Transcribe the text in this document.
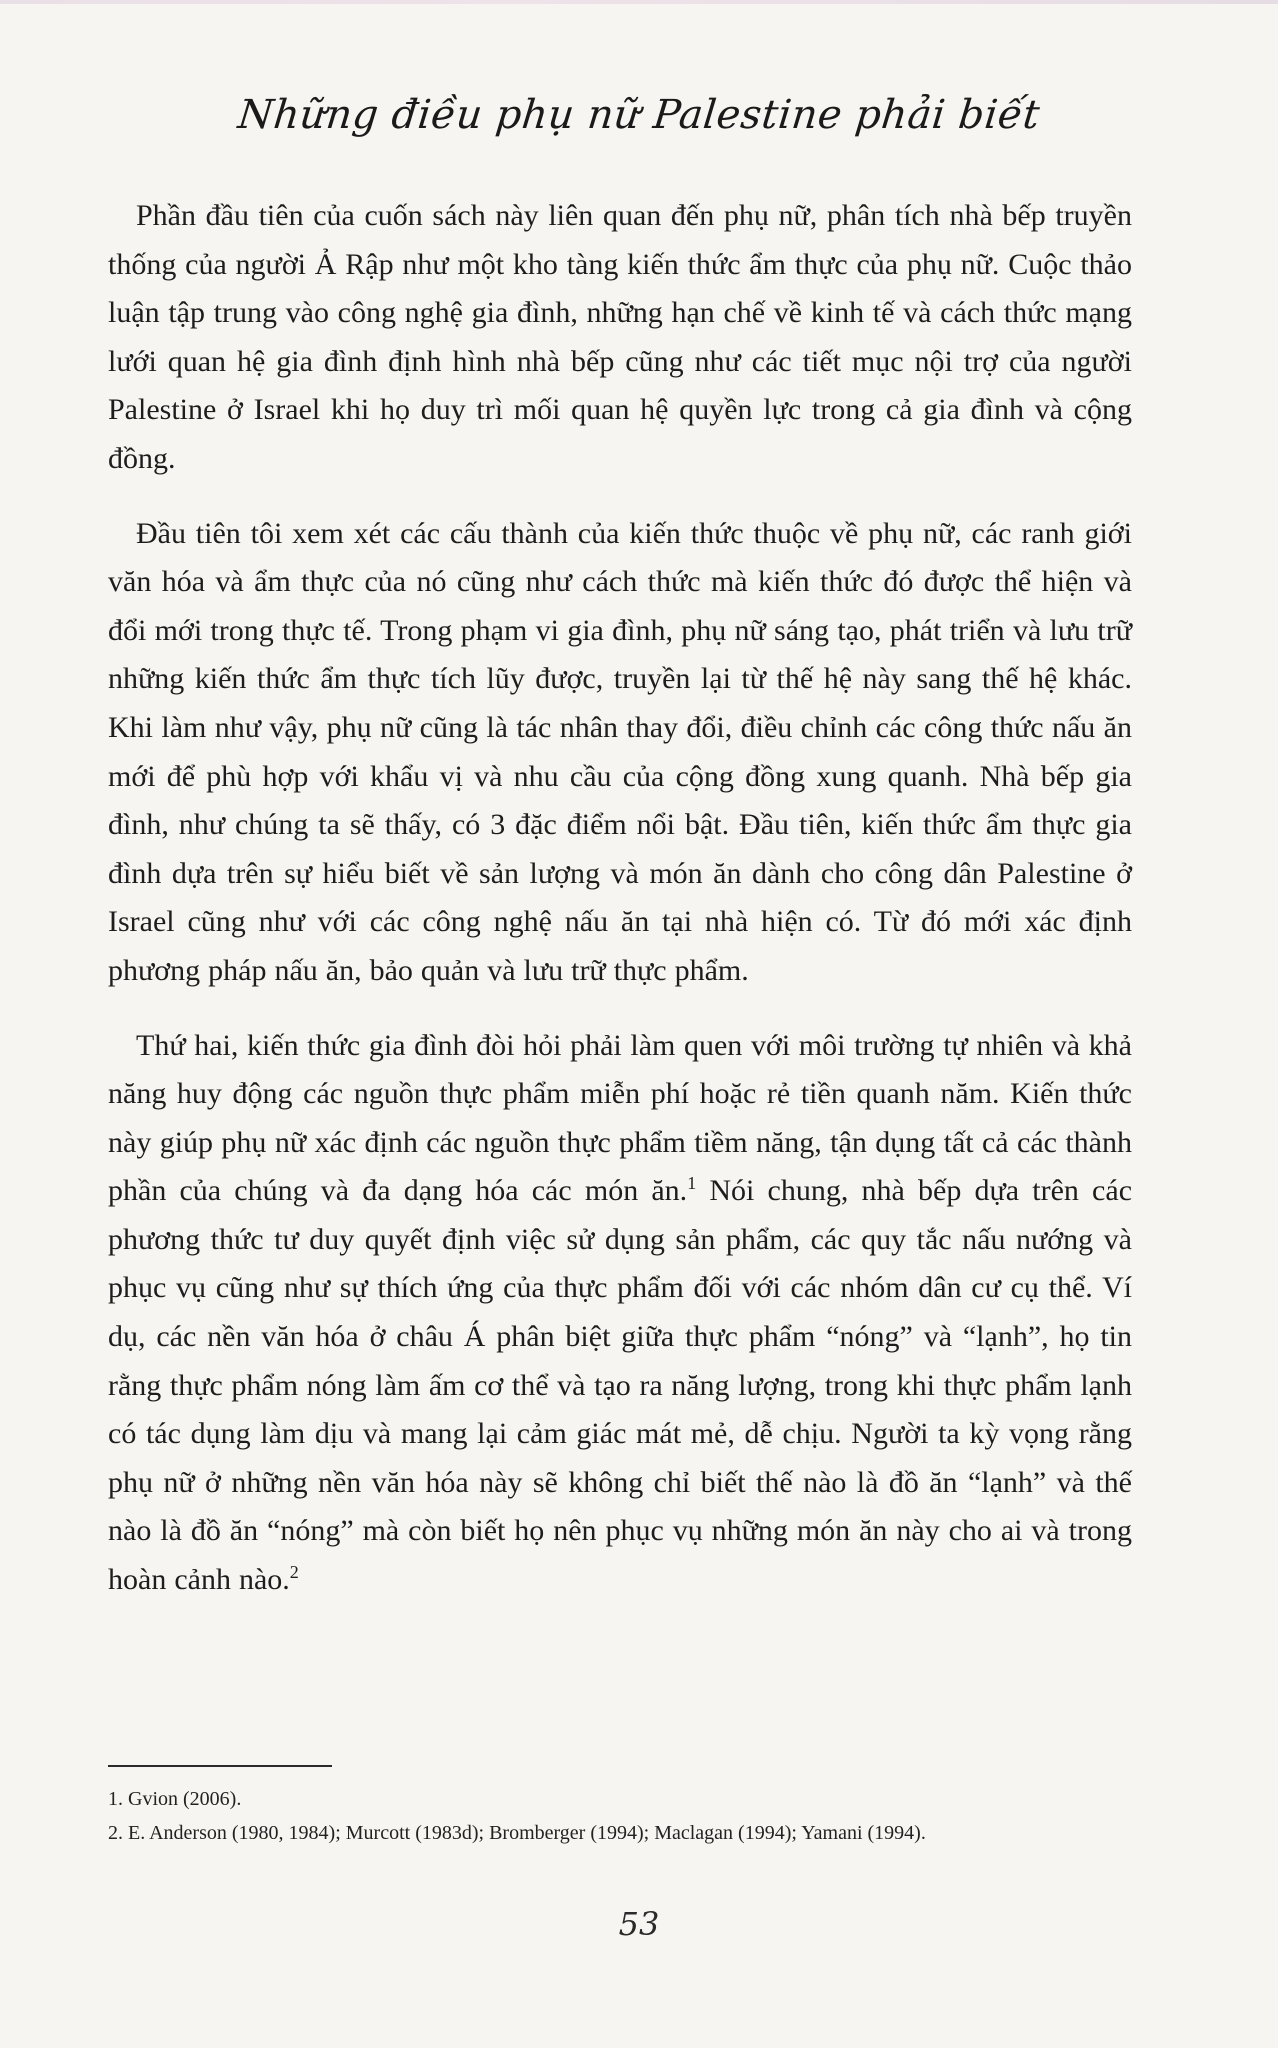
Những điều phụ nữ Palestine phải biết

Phần đầu tiên của cuốn sách này liên quan đến phụ nữ, phân tích nhà bếp truyền thống của người Ả Rập như một kho tàng kiến thức ẩm thực của phụ nữ. Cuộc thảo luận tập trung vào công nghệ gia đình, những hạn chế về kinh tế và cách thức mạng lưới quan hệ gia đình định hình nhà bếp cũng như các tiết mục nội trợ của người Palestine ở Israel khi họ duy trì mối quan hệ quyền lực trong cả gia đình và cộng đồng.

Đầu tiên tôi xem xét các cấu thành của kiến thức thuộc về phụ nữ, các ranh giới văn hóa và ẩm thực của nó cũng như cách thức mà kiến thức đó được thể hiện và đổi mới trong thực tế. Trong phạm vi gia đình, phụ nữ sáng tạo, phát triển và lưu trữ những kiến thức ẩm thực tích lũy được, truyền lại từ thế hệ này sang thế hệ khác. Khi làm như vậy, phụ nữ cũng là tác nhân thay đổi, điều chỉnh các công thức nấu ăn mới để phù hợp với khẩu vị và nhu cầu của cộng đồng xung quanh. Nhà bếp gia đình, như chúng ta sẽ thấy, có 3 đặc điểm nổi bật. Đầu tiên, kiến thức ẩm thực gia đình dựa trên sự hiểu biết về sản lượng và món ăn dành cho công dân Palestine ở Israel cũng như với các công nghệ nấu ăn tại nhà hiện có. Từ đó mới xác định phương pháp nấu ăn, bảo quản và lưu trữ thực phẩm.

Thứ hai, kiến thức gia đình đòi hỏi phải làm quen với môi trường tự nhiên và khả năng huy động các nguồn thực phẩm miễn phí hoặc rẻ tiền quanh năm. Kiến thức này giúp phụ nữ xác định các nguồn thực phẩm tiềm năng, tận dụng tất cả các thành phần của chúng và đa dạng hóa các món ăn.$^1$ Nói chung, nhà bếp dựa trên các phương thức tư duy quyết định việc sử dụng sản phẩm, các quy tắc nấu nướng và phục vụ cũng như sự thích ứng của thực phẩm đối với các nhóm dân cư cụ thể. Ví dụ, các nền văn hóa ở châu Á phân biệt giữa thực phẩm “nóng” và “lạnh”, họ tin rằng thực phẩm nóng làm ấm cơ thể và tạo ra năng lượng, trong khi thực phẩm lạnh có tác dụng làm dịu và mang lại cảm giác mát mẻ, dễ chịu. Người ta kỳ vọng rằng phụ nữ ở những nền văn hóa này sẽ không chỉ biết thế nào là đồ ăn “lạnh” và thế nào là đồ ăn “nóng” mà còn biết họ nên phục vụ những món ăn này cho ai và trong hoàn cảnh nào.$^2$

1. Gvion (2006).

2. E. Anderson (1980, 1984); Murcott (1983d); Bromberger (1994); Maclagan (1994); Yamani (1994).

53
